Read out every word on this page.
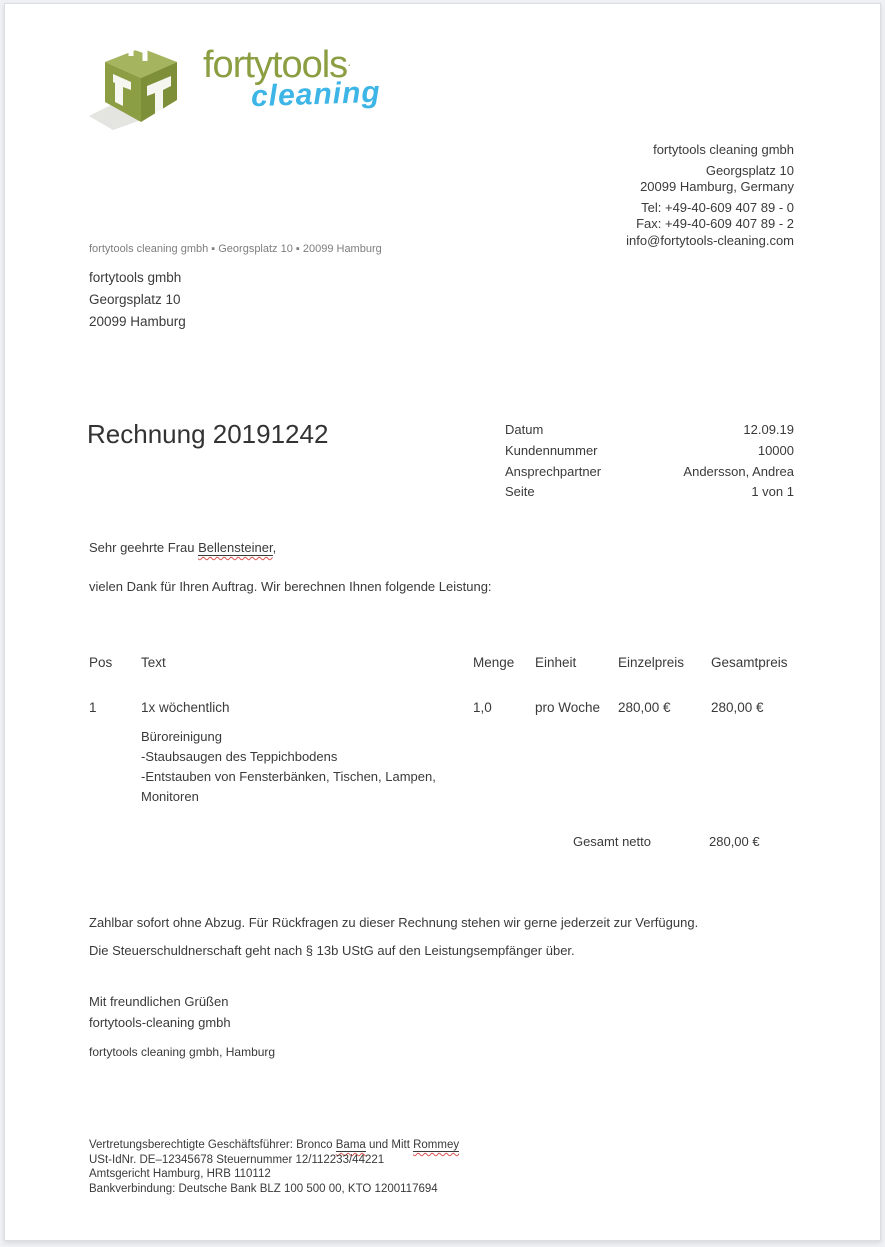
fortytools·
cleaning
fortytools cleaning gmbh
Georgsplatz 10
20099 Hamburg, Germany
Tel: +49-40-609 407 89 - 0
Fax: +49-40-609 407 89 - 2
info@fortytools-cleaning.com
fortytools cleaning gmbh ▪ Georgsplatz 10 ▪ 20099 Hamburg
fortytools gmbh
Georgsplatz 10
20099 Hamburg
Rechnung 20191242	Datum	12.09.19
Kundennummer	10000
Ansprechpartner	Andersson, Andrea
Seite	1 von 1
Sehr geehrte Frau Bellensteiner,
vielen Dank für Ihren Auftrag. Wir berechnen Ihnen folgende Leistung:
Pos	Text	Menge	Einheit	Einzelpreis	Gesamtpreis
1	1x wöchentlich	1,0	pro Woche	280,00 €	280,00 €
Büroreinigung
-Staubsaugen des Teppichbodens
-Entstauben von Fensterbänken, Tischen, Lampen,
Monitoren
Gesamt netto	280,00 €
Zahlbar sofort ohne Abzug. Für Rückfragen zu dieser Rechnung stehen wir gerne jederzeit zur Verfügung.
Die Steuerschuldnerschaft geht nach § 13b UStG auf den Leistungsempfänger über.
Mit freundlichen Grüßen
fortytools-cleaning gmbh
fortytools cleaning gmbh, Hamburg
Vertretungsberechtigte Geschäftsführer: Bronco Bama und Mitt Rommey
USt-IdNr. DE–12345678 Steuernummer 12/112233/44221
Amtsgericht Hamburg, HRB 110112
Bankverbindung: Deutsche Bank BLZ 100 500 00, KTO 1200117694
